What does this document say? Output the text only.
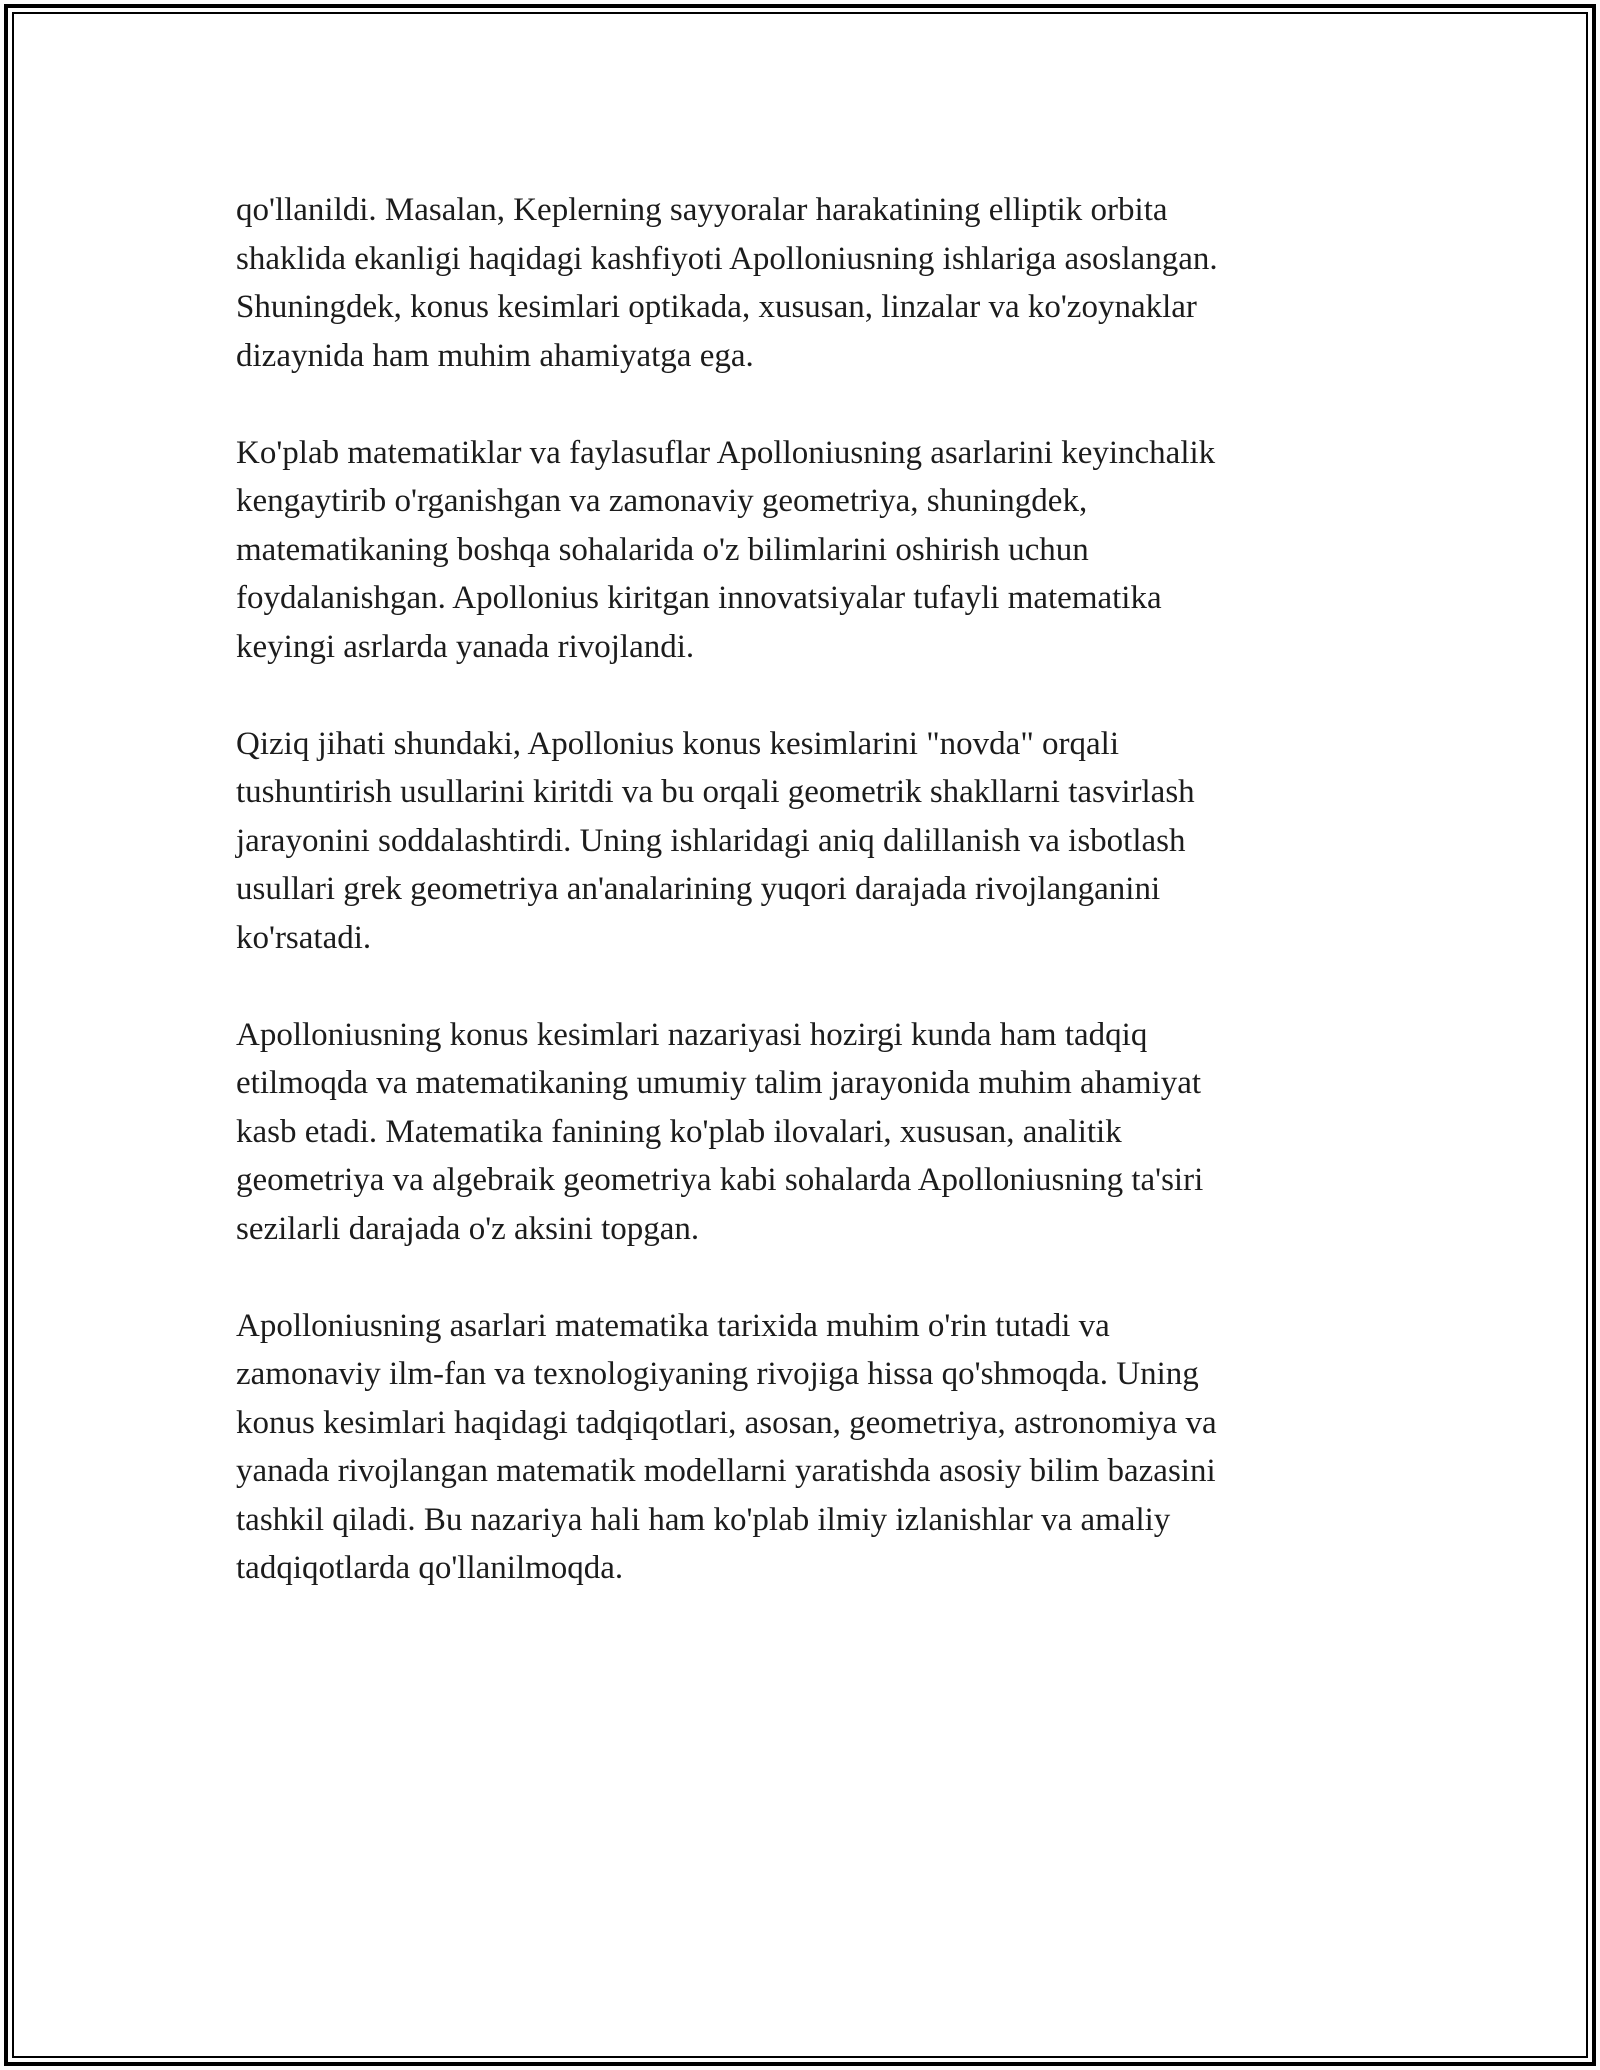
qo'llanildi. Masalan, Keplerning sayyoralar harakatining elliptik orbita
shaklida ekanligi haqidagi kashfiyoti Apolloniusning ishlariga asoslangan.
Shuningdek, konus kesimlari optikada, xususan, linzalar va ko'zoynaklar
dizaynida ham muhim ahamiyatga ega.

Ko'plab matematiklar va faylasuflar Apolloniusning asarlarini keyinchalik
kengaytirib o'rganishgan va zamonaviy geometriya, shuningdek,
matematikaning boshqa sohalarida o'z bilimlarini oshirish uchun
foydalanishgan. Apollonius kiritgan innovatsiyalar tufayli matematika
keyingi asrlarda yanada rivojlandi.

Qiziq jihati shundaki, Apollonius konus kesimlarini "novda" orqali
tushuntirish usullarini kiritdi va bu orqali geometrik shakllarni tasvirlash
jarayonini soddalashtirdi. Uning ishlaridagi aniq dalillanish va isbotlash
usullari grek geometriya an'analarining yuqori darajada rivojlanganini
ko'rsatadi.

Apolloniusning konus kesimlari nazariyasi hozirgi kunda ham tadqiq
etilmoqda va matematikaning umumiy talim jarayonida muhim ahamiyat
kasb etadi. Matematika fanining ko'plab ilovalari, xususan, analitik
geometriya va algebraik geometriya kabi sohalarda Apolloniusning ta'siri
sezilarli darajada o'z aksini topgan.

Apolloniusning asarlari matematika tarixida muhim o'rin tutadi va
zamonaviy ilm-fan va texnologiyaning rivojiga hissa qo'shmoqda. Uning
konus kesimlari haqidagi tadqiqotlari, asosan, geometriya, astronomiya va
yanada rivojlangan matematik modellarni yaratishda asosiy bilim bazasini
tashkil qiladi. Bu nazariya hali ham ko'plab ilmiy izlanishlar va amaliy
tadqiqotlarda qo'llanilmoqda.
